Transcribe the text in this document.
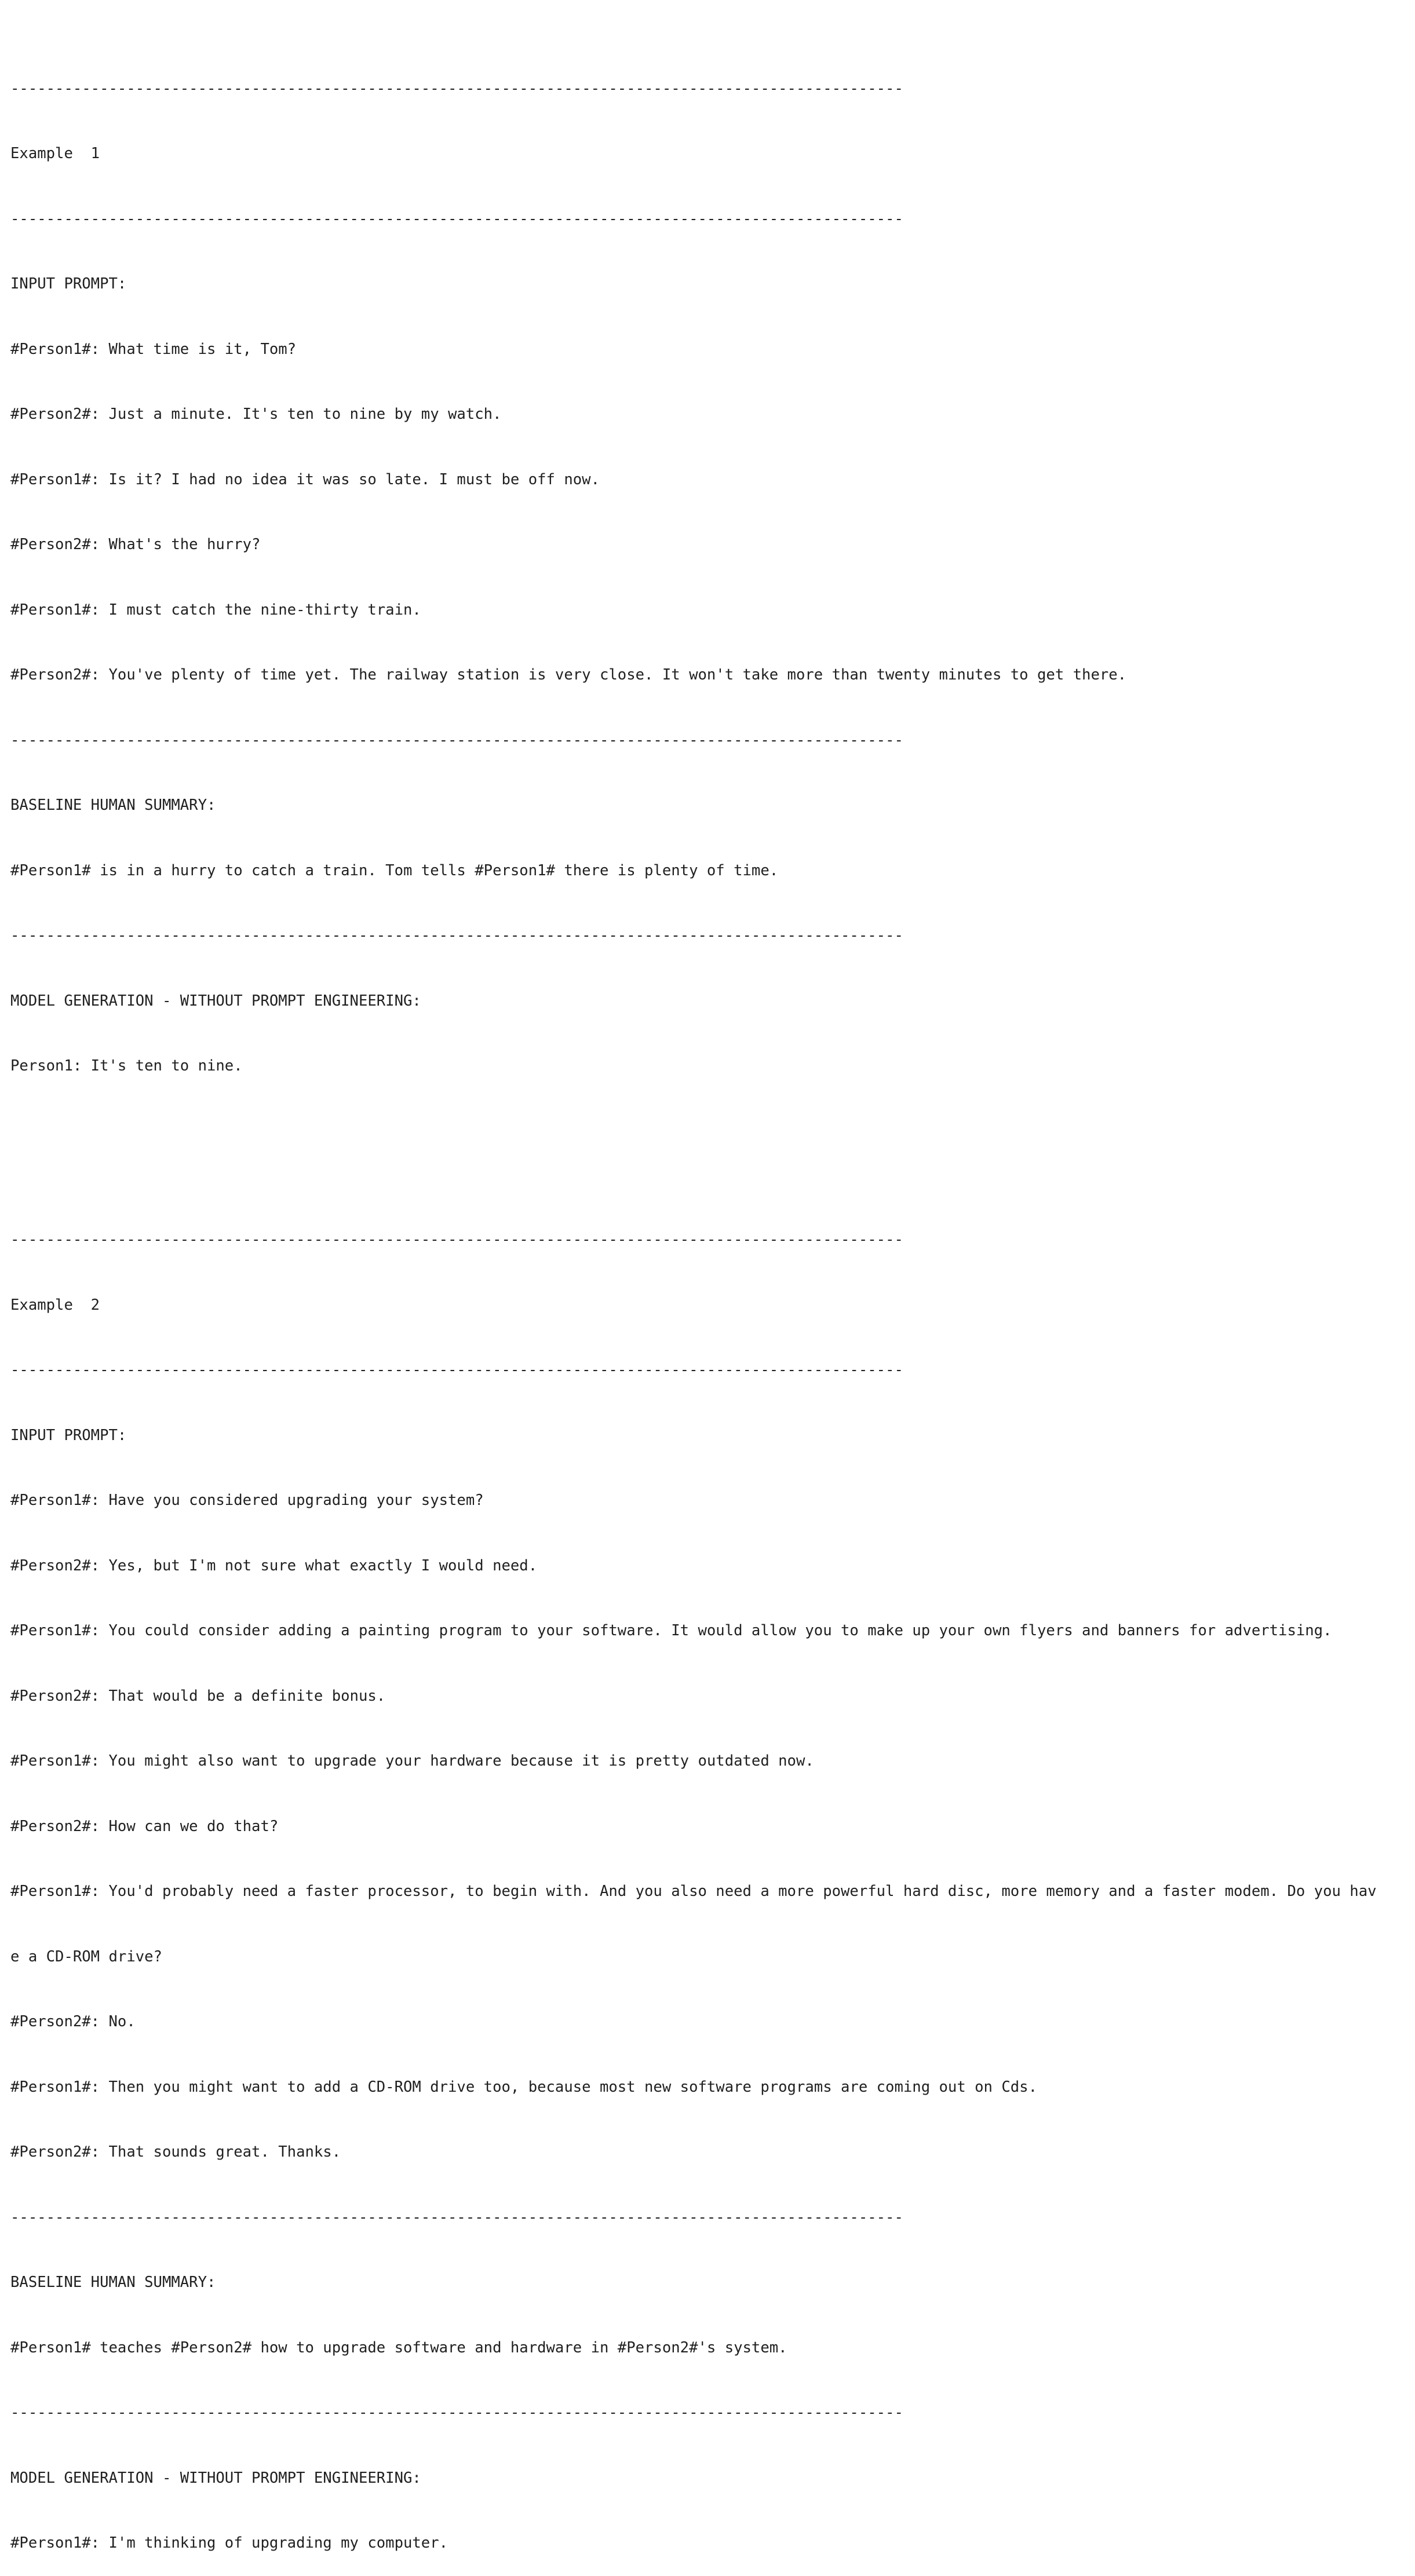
----------------------------------------------------------------------------------------------------

Example  1

----------------------------------------------------------------------------------------------------

INPUT PROMPT:

#Person1#: What time is it, Tom?

#Person2#: Just a minute. It's ten to nine by my watch.

#Person1#: Is it? I had no idea it was so late. I must be off now.

#Person2#: What's the hurry?

#Person1#: I must catch the nine-thirty train.

#Person2#: You've plenty of time yet. The railway station is very close. It won't take more than twenty minutes to get there.

----------------------------------------------------------------------------------------------------

BASELINE HUMAN SUMMARY:

#Person1# is in a hurry to catch a train. Tom tells #Person1# there is plenty of time.

----------------------------------------------------------------------------------------------------

MODEL GENERATION - WITHOUT PROMPT ENGINEERING:

Person1: It's ten to nine.

----------------------------------------------------------------------------------------------------

Example  2

----------------------------------------------------------------------------------------------------

INPUT PROMPT:

#Person1#: Have you considered upgrading your system?

#Person2#: Yes, but I'm not sure what exactly I would need.

#Person1#: You could consider adding a painting program to your software. It would allow you to make up your own flyers and banners for advertising.

#Person2#: That would be a definite bonus.

#Person1#: You might also want to upgrade your hardware because it is pretty outdated now.

#Person2#: How can we do that?

#Person1#: You'd probably need a faster processor, to begin with. And you also need a more powerful hard disc, more memory and a faster modem. Do you hav

e a CD-ROM drive?

#Person2#: No.

#Person1#: Then you might want to add a CD-ROM drive too, because most new software programs are coming out on Cds.

#Person2#: That sounds great. Thanks.

----------------------------------------------------------------------------------------------------

BASELINE HUMAN SUMMARY:

#Person1# teaches #Person2# how to upgrade software and hardware in #Person2#'s system.

----------------------------------------------------------------------------------------------------

MODEL GENERATION - WITHOUT PROMPT ENGINEERING:

#Person1#: I'm thinking of upgrading my computer.
